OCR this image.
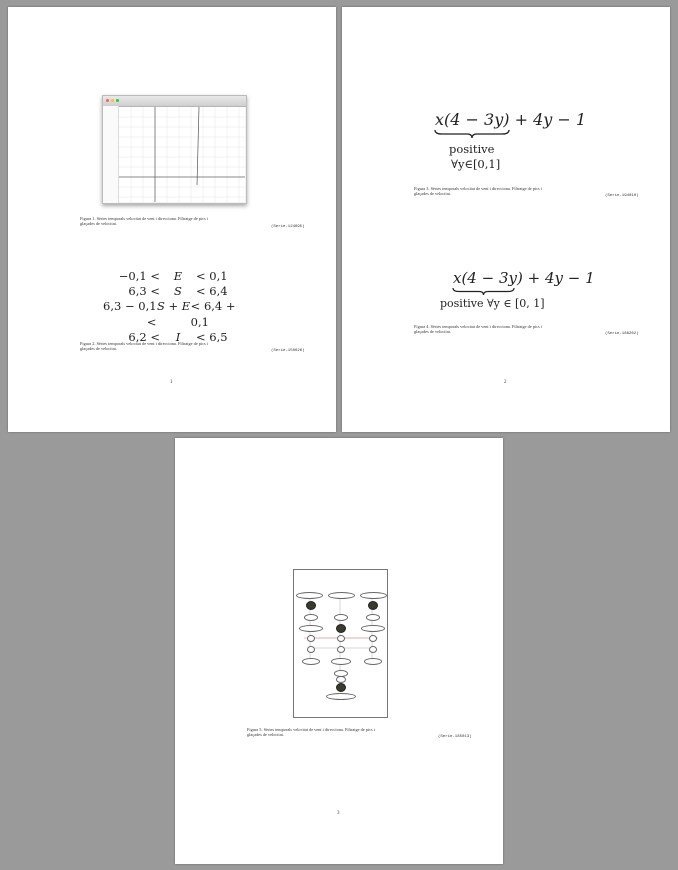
Figura 1. Sèries temporals velocitat de vent i direcciona. Filtratge de pics i
glaçades de velocitat.
(Serie-124695)
−0,1 <	E	< 0,1
6,3 <	S	< 6,4
6,3 − 0,1 <
S + E < 6,4 + 0,1
6,2 <	I	< 6,5
Figura 2. Sèries temporals velocitat de vent i direcciona. Filtratge de pics i
glaçades de velocitat.	(Serie-150626)
1
x(4 − 3y) + 4y − 1
positive
∀y∈[0,1]
Figura 3. Sèries temporals velocitat de vent i direcciona. Filtratge de pics i
glaçades de velocitat.	(Serie-194010)
x(4 − 3y) + 4y − 1
positive ∀y ∈ [0, 1]
Figura 4. Sèries temporals velocitat de vent i direcciona. Filtratge de pics i
glaçades de velocitat.	(Serie-188262)
2
Figura 5. Sèries temporals velocitat de vent i direcciona. Filtratge de pics i
glaçades de velocitat.	(Serie-185013)
3
